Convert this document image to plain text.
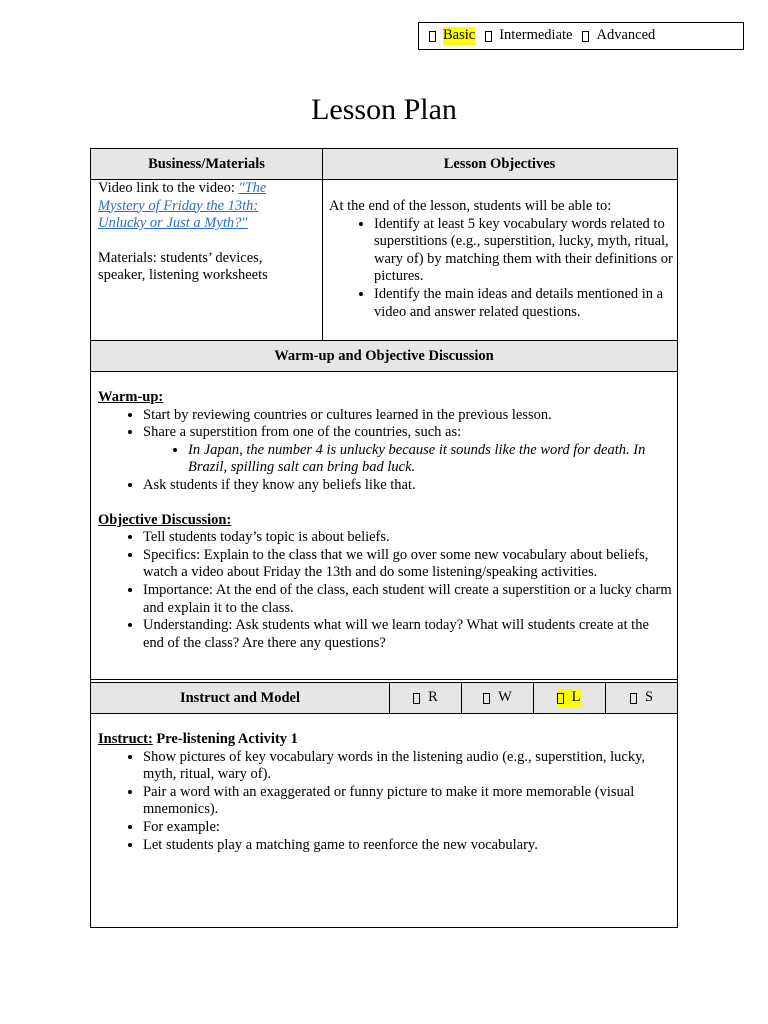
Basic Intermediate Advanced
Lesson Plan
Business/Materials	Lesson Objectives
Video link to the video: "The Mystery of Friday the 13th: Unlucky or Just a Myth?"
Materials: students’ devices, speaker, listening worksheets
At the end of the lesson, students will be able to:
• Identify at least 5 key vocabulary words related to superstitions (e.g., superstition, lucky, myth, ritual, wary of) by matching them with their definitions or pictures.
• Identify the main ideas and details mentioned in a video and answer related questions.
Warm-up and Objective Discussion
Warm-up:
• Start by reviewing countries or cultures learned in the previous lesson.
• Share a superstition from one of the countries, such as:
• In Japan, the number 4 is unlucky because it sounds like the word for death. In Brazil, spilling salt can bring bad luck.
• Ask students if they know any beliefs like that.
Objective Discussion:
• Tell students today’s topic is about beliefs.
• Specifics: Explain to the class that we will go over some new vocabulary about beliefs, watch a video about Friday the 13th and do some listening/speaking activities.
• Importance: At the end of the class, each student will create a superstition or a lucky charm and explain it to the class.
• Understanding: Ask students what will we learn today? What will students create at the end of the class? Are there any questions?
Instruct and Model	R	W	L	S
Instruct: Pre-listening Activity 1
• Show pictures of key vocabulary words in the listening audio (e.g., superstition, lucky, myth, ritual, wary of).
• Pair a word with an exaggerated or funny picture to make it more memorable (visual mnemonics).
• For example:
• Let students play a matching game to reenforce the new vocabulary.
